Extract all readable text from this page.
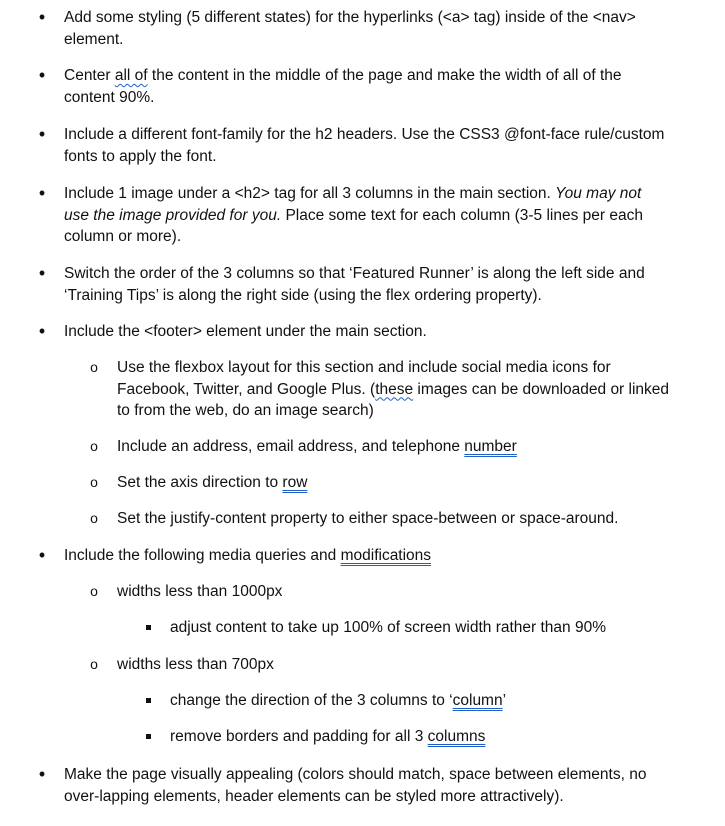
• Add some styling (5 different states) for the hyperlinks (<a> tag) inside of the <nav>
element.
• Center all of the content in the middle of the page and make the width of all of the
content 90%.
• Include a different font-family for the h2 headers. Use the CSS3 @font-face rule/custom
fonts to apply the font.
• Include 1 image under a <h2> tag for all 3 columns in the main section. You may not
use the image provided for you. Place some text for each column (3-5 lines per each
column or more).
• Switch the order of the 3 columns so that ‘Featured Runner’ is along the left side and
‘Training Tips’ is along the right side (using the flex ordering property).
• Include the <footer> element under the main section.
o Use the flexbox layout for this section and include social media icons for
Facebook, Twitter, and Google Plus. (these images can be downloaded or linked
to from the web, do an image search)
o Include an address, email address, and telephone number
o Set the axis direction to row
o Set the justify-content property to either space-between or space-around.
• Include the following media queries and modifications
o widths less than 1000px
adjust content to take up 100% of screen width rather than 90%
o widths less than 700px
change the direction of the 3 columns to ‘column’
remove borders and padding for all 3 columns
• Make the page visually appealing (colors should match, space between elements, no
over-lapping elements, header elements can be styled more attractively).
